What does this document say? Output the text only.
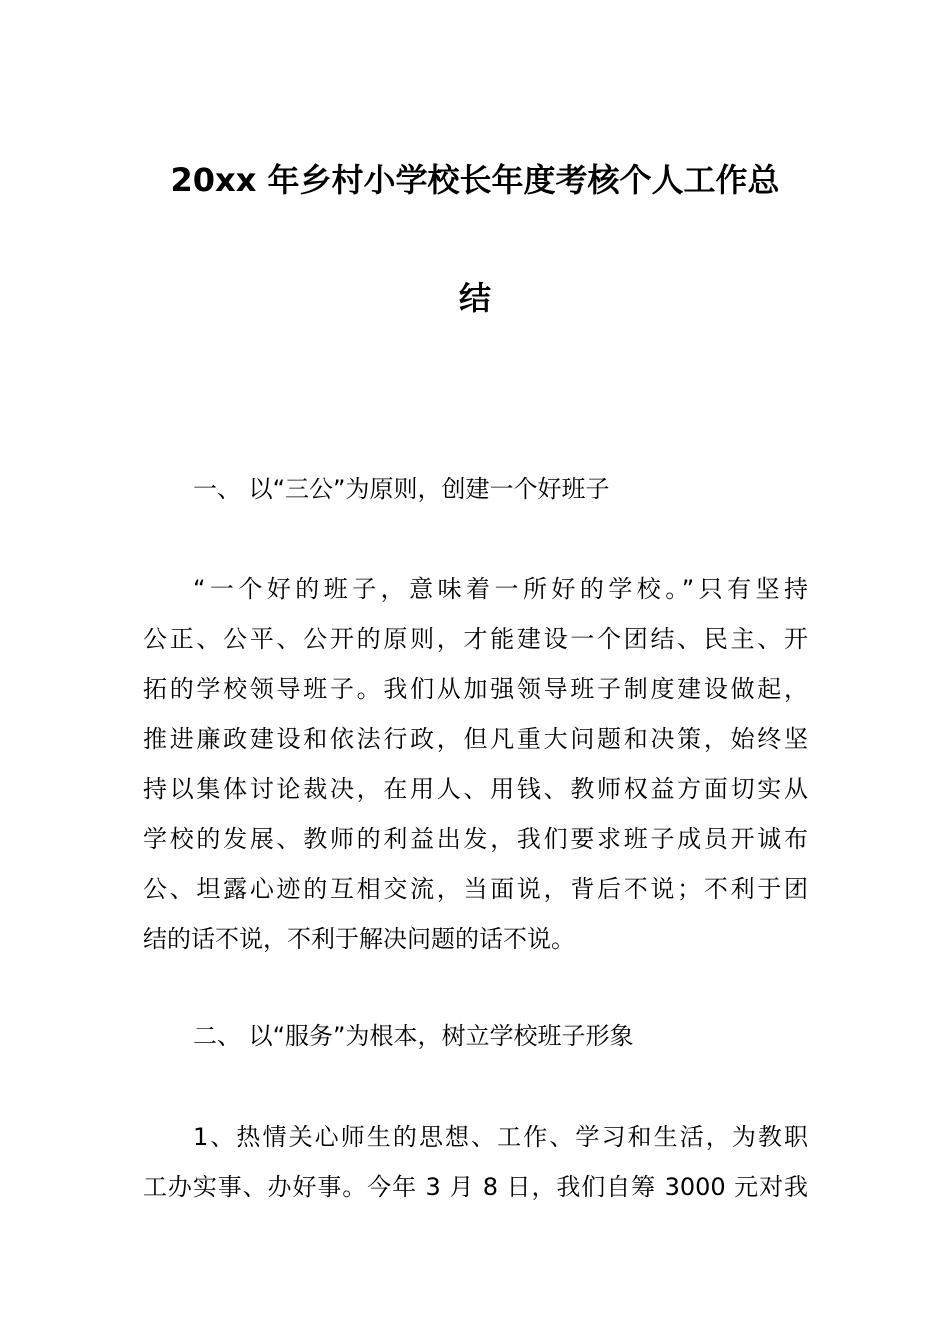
20xx 年乡村小学校长年度考核个人工作总
结
一、 以“三公”为原则，创建一个好班子
“一个好的班子，意味着一所好的学校。”只有坚持
公正、公平、公开的原则，才能建设一个团结、民主、开
拓的学校领导班子。我们从加强领导班子制度建设做起，
推进廉政建设和依法行政，但凡重大问题和决策，始终坚
持以集体讨论裁决，在用人、用钱、教师权益方面切实从
学校的发展、教师的利益出发，我们要求班子成员开诚布
公、坦露心迹的互相交流，当面说，背后不说；不利于团
结的话不说，不利于解决问题的话不说。
二、 以“服务”为根本，树立学校班子形象
1、热情关心师生的思想、工作、学习和生活，为教职
工办实事、办好事。今年 3 月 8 日，我们自筹 3000 元对我
